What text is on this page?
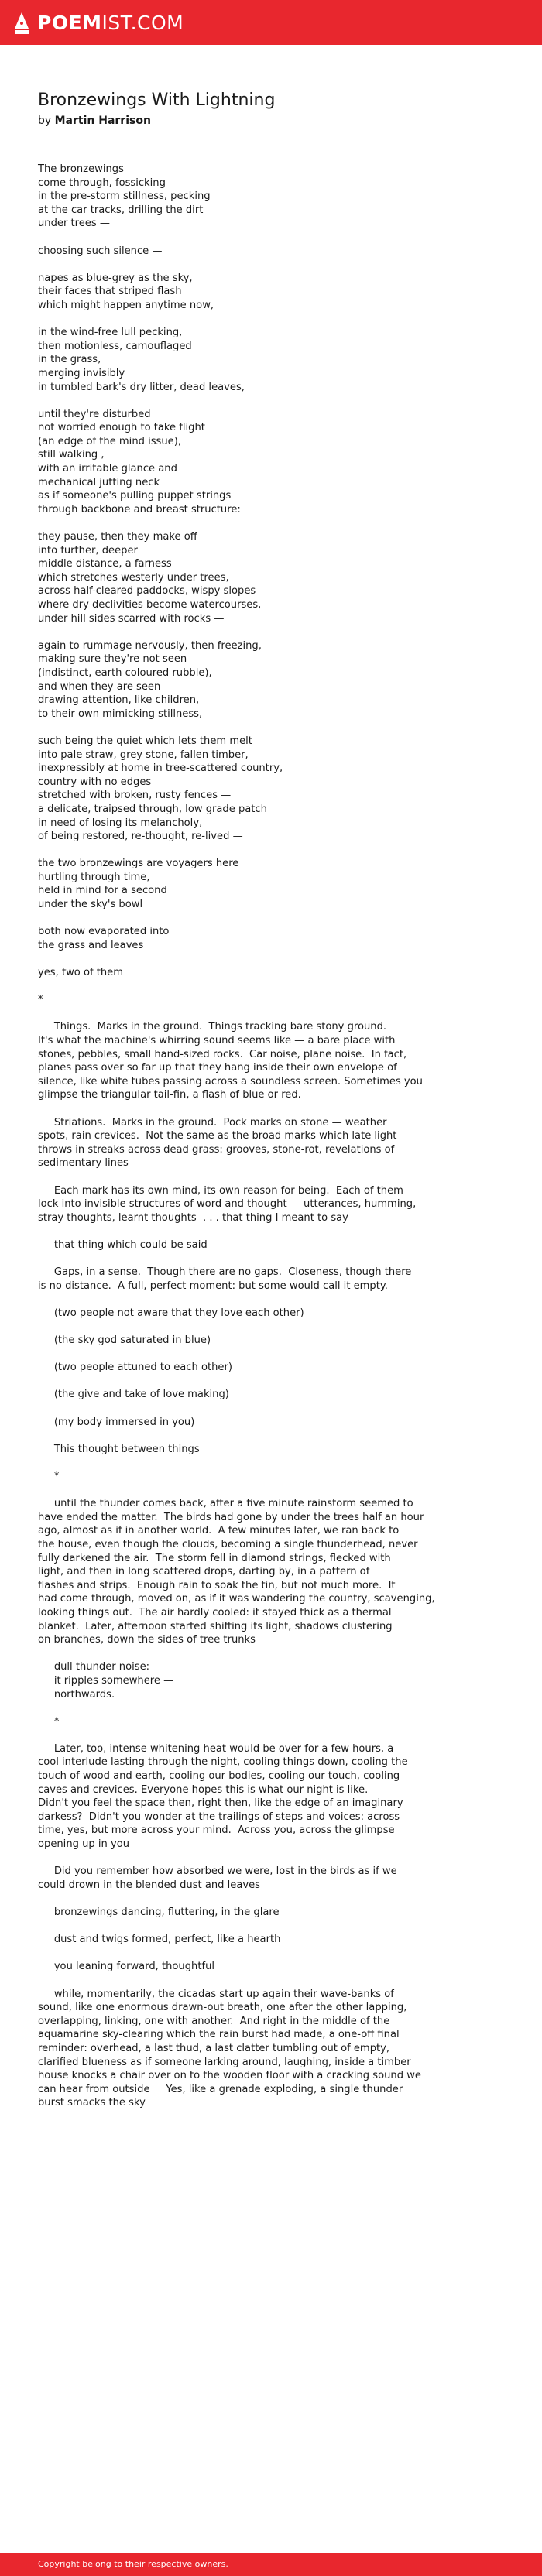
POEMIST.COM
Bronzewings With Lightning
by Martin Harrison
The bronzewings
come through, fossicking
in the pre-storm stillness, pecking
at the car tracks, drilling the dirt
under trees —

choosing such silence —

napes as blue-grey as the sky,
their faces that striped flash
which might happen anytime now,

in the wind-free lull pecking,
then motionless, camouflaged
in the grass,
merging invisibly
in tumbled bark's dry litter, dead leaves,

until they're disturbed
not worried enough to take flight
(an edge of the mind issue),
still walking ,
with an irritable glance and
mechanical jutting neck
as if someone's pulling puppet strings
through backbone and breast structure:

they pause, then they make off
into further, deeper
middle distance, a farness
which stretches westerly under trees,
across half-cleared paddocks, wispy slopes
where dry declivities become watercourses,
under hill sides scarred with rocks —

again to rummage nervously, then freezing,
making sure they're not seen
(indistinct, earth coloured rubble),
and when they are seen
drawing attention, like children,
to their own mimicking stillness,

such being the quiet which lets them melt
into pale straw, grey stone, fallen timber,
inexpressibly at home in tree-scattered country,
country with no edges
stretched with broken, rusty fences —
a delicate, traipsed through, low grade patch
in need of losing its melancholy,
of being restored, re-thought, re-lived —

the two bronzewings are voyagers here
hurtling through time,
held in mind for a second
under the sky's bowl

both now evaporated into
the grass and leaves

yes, two of them

*

Things.  Marks in the ground.  Things tracking bare stony ground.
It's what the machine's whirring sound seems like — a bare place with
stones, pebbles, small hand-sized rocks.  Car noise, plane noise.  In fact,
planes pass over so far up that they hang inside their own envelope of
silence, like white tubes passing across a soundless screen. Sometimes you
glimpse the triangular tail-fin, a flash of blue or red.

Striations.  Marks in the ground.  Pock marks on stone — weather
spots, rain crevices.  Not the same as the broad marks which late light
throws in streaks across dead grass: grooves, stone-rot, revelations of
sedimentary lines

Each mark has its own mind, its own reason for being.  Each of them
lock into invisible structures of word and thought — utterances, humming,
stray thoughts, learnt thoughts  . . . that thing I meant to say

that thing which could be said

Gaps, in a sense.  Though there are no gaps.  Closeness, though there
is no distance.  A full, perfect moment: but some would call it empty.

(two people not aware that they love each other)

(the sky god saturated in blue)

(two people attuned to each other)

(the give and take of love making)

(my body immersed in you)

This thought between things

*

until the thunder comes back, after a five minute rainstorm seemed to
have ended the matter.  The birds had gone by under the trees half an hour
ago, almost as if in another world.  A few minutes later, we ran back to
the house, even though the clouds, becoming a single thunderhead, never
fully darkened the air.  The storm fell in diamond strings, flecked with
light, and then in long scattered drops, darting by, in a pattern of
flashes and strips.  Enough rain to soak the tin, but not much more.  It
had come through, moved on, as if it was wandering the country, scavenging,
looking things out.  The air hardly cooled: it stayed thick as a thermal
blanket.  Later, afternoon started shifting its light, shadows clustering
on branches, down the sides of tree trunks

dull thunder noise:
it ripples somewhere —
northwards.

*

Later, too, intense whitening heat would be over for a few hours, a
cool interlude lasting through the night, cooling things down, cooling the
touch of wood and earth, cooling our bodies, cooling our touch, cooling
caves and crevices. Everyone hopes this is what our night is like.
Didn't you feel the space then, right then, like the edge of an imaginary
darkess?  Didn't you wonder at the trailings of steps and voices: across
time, yes, but more across your mind.  Across you, across the glimpse
opening up in you

Did you remember how absorbed we were, lost in the birds as if we
could drown in the blended dust and leaves

bronzewings dancing, fluttering, in the glare

dust and twigs formed, perfect, like a hearth

you leaning forward, thoughtful

while, momentarily, the cicadas start up again their wave-banks of
sound, like one enormous drawn-out breath, one after the other lapping,
overlapping, linking, one with another.  And right in the middle of the
aquamarine sky-clearing which the rain burst had made, a one-off final
reminder: overhead, a last thud, a last clatter tumbling out of empty,
clarified blueness as if someone larking around, laughing, inside a timber
house knocks a chair over on to the wooden floor with a cracking sound we
can hear from outside     Yes, like a grenade exploding, a single thunder
burst smacks the sky
Copyright belong to their respective owners.
